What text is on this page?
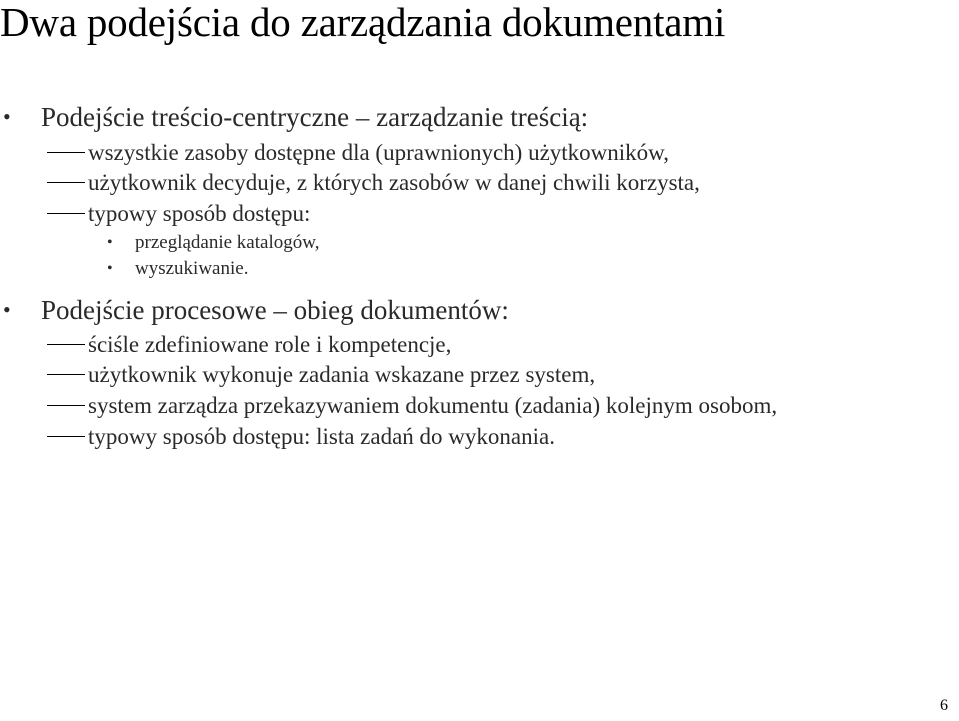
Dwa podejścia do zarządzania dokumentami
• Podejście treścio-centryczne – zarządzanie treścią:
wszystkie zasoby dostępne dla (uprawnionych) użytkowników,
użytkownik decyduje, z których zasobów w danej chwili korzysta,
typowy sposób dostępu:
• przeglądanie katalogów,
• wyszukiwanie.
• Podejście procesowe – obieg dokumentów:
ściśle zdefiniowane role i kompetencje,
użytkownik wykonuje zadania wskazane przez system,
system zarządza przekazywaniem dokumentu (zadania) kolejnym osobom,
typowy sposób dostępu: lista zadań do wykonania.
6
